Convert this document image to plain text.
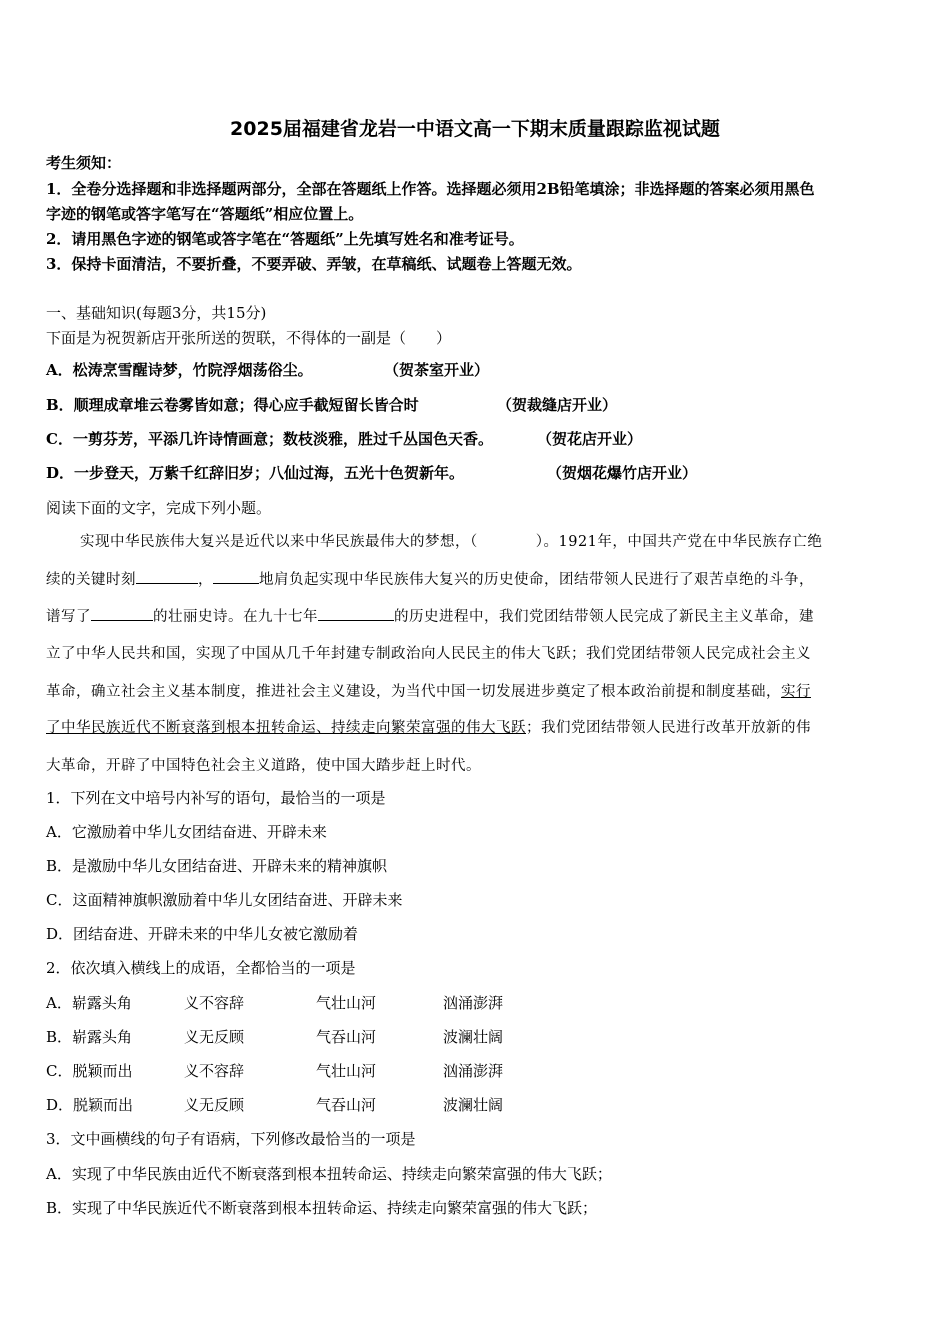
2025届福建省龙岩一中语文高一下期末质量跟踪监视试题
考生须知：
1．全卷分选择题和非选择题两部分，全部在答题纸上作答。选择题必须用2B铅笔填涂；非选择题的答案必须用黑色
字迹的钢笔或答字笔写在“答题纸”相应位置上。
2．请用黑色字迹的钢笔或答字笔在“答题纸”上先填写姓名和准考证号。
3．保持卡面清洁，不要折叠，不要弄破、弄皱，在草稿纸、试题卷上答题无效。
一、基础知识(每题3分，共15分)
下面是为祝贺新店开张所送的贺联，不得体的一副是（　　）
A．松涛烹雪醒诗梦，竹院浮烟荡俗尘。	（贺茶室开业）
B．顺理成章堆云卷雾皆如意；得心应手截短留长皆合时	（贺裁缝店开业）
C．一剪芬芳，平添几许诗情画意；数枝淡雅，胜过千丛国色天香。	（贺花店开业）
D．一步登天，万紫千红辞旧岁；八仙过海，五光十色贺新年。	（贺烟花爆竹店开业）
阅读下面的文字，完成下列小题。
实现中华民族伟大复兴是近代以来中华民族最伟大的梦想，（	）。1921年，中国共产党在中华民族存亡绝
续的关键时刻	，	地肩负起实现中华民族伟大复兴的历史使命，团结带领人民进行了艰苦卓绝的斗争，
谱写了	的壮丽史诗。在九十七年	的历史进程中，我们党团结带领人民完成了新民主主义革命，建
立了中华人民共和国，实现了中国从几千年封建专制政治向人民民主的伟大飞跃；我们党团结带领人民完成社会主义
革命，确立社会主义基本制度，推进社会主义建设，为当代中国一切发展进步奠定了根本政治前提和制度基础，实行
了中华民族近代不断衰落到根本扭转命运、持续走向繁荣富强的伟大飞跃；我们党团结带领人民进行改革开放新的伟
大革命，开辟了中国特色社会主义道路，使中国大踏步赶上时代。
1．下列在文中培号内补写的语句，最恰当的一项是
A．它激励着中华儿女团结奋进、开辟未来
B．是激励中华儿女团结奋进、开辟未来的精神旗帜
C．这面精神旗帜激励着中华儿女团结奋进、开辟未来
D．团结奋进、开辟未来的中华儿女被它激励着
2．依次填入横线上的成语，全都恰当的一项是
A．崭露头角	义不容辞	气壮山河	汹涌澎湃
B．崭露头角	义无反顾	气吞山河	波澜壮阔
C．脱颖而出	义不容辞	气壮山河	汹涌澎湃
D．脱颖而出	义无反顾	气吞山河	波澜壮阔
3．文中画横线的句子有语病，下列修改最恰当的一项是
A．实现了中华民族由近代不断衰落到根本扭转命运、持续走向繁荣富强的伟大飞跃；
B．实现了中华民族近代不断衰落到根本扭转命运、持续走向繁荣富强的伟大飞跃；
